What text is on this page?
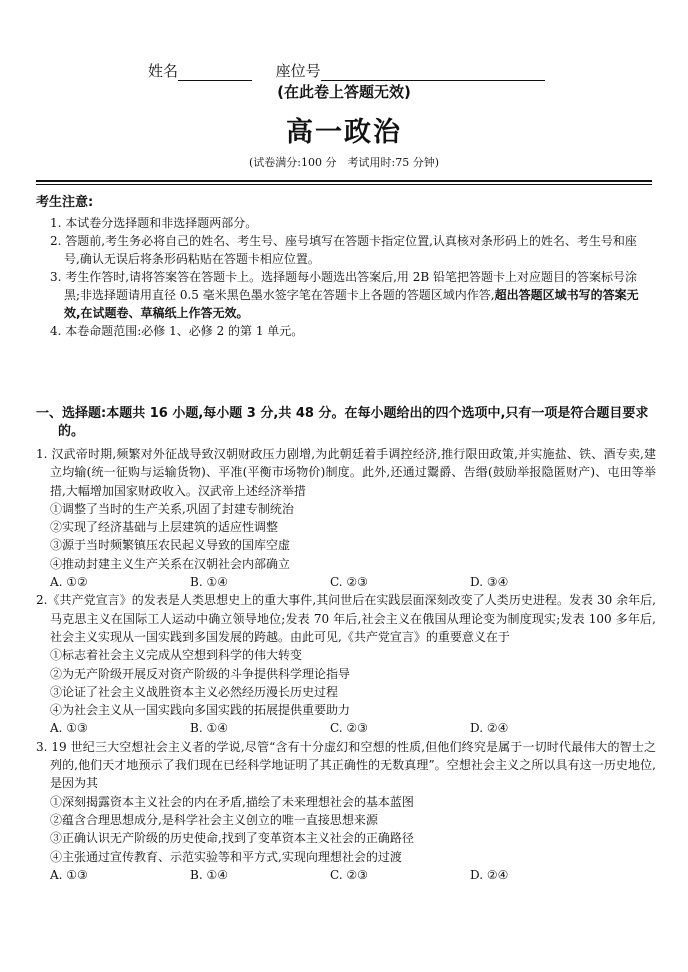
姓名	座位号
(在此卷上答题无效)
高一政治
(试卷满分:100 分　考试用时:75 分钟)
考生注意:

1. 本试卷分选择题和非选择题两部分。

2. 答题前,考生务必将自己的姓名、考生号、座号填写在答题卡指定位置,认真核对条形码上的姓名、考生号和座号,确认无误后将条形码粘贴在答题卡相应位置。

3. 考生作答时,请将答案答在答题卡上。选择题每小题选出答案后,用 2B 铅笔把答题卡上对应题目的答案标号涂黑;非选择题请用直径 0.5 毫米黑色墨水签字笔在答题卡上各题的答题区域内作答,超出答题区域书写的答案无效,在试题卷、草稿纸上作答无效。

4. 本卷命题范围:必修 1、必修 2 的第 1 单元。

一、选择题:本题共 16 小题,每小题 3 分,共 48 分。在每小题给出的四个选项中,只有一项是符合题目要求的。
1. 汉武帝时期,频繁对外征战导致汉朝财政压力剧增,为此朝廷着手调控经济,推行限田政策,并实施盐、铁、酒专卖,建立均输(统一征购与运输货物)、平准(平衡市场物价)制度。此外,还通过鬻爵、告缗(鼓励举报隐匿财产)、屯田等举措,大幅增加国家财政收入。汉武帝上述经济举措
①调整了当时的生产关系,巩固了封建专制统治
②实现了经济基础与上层建筑的适应性调整
③源于当时频繁镇压农民起义导致的国库空虚
④推动封建主义生产关系在汉朝社会内部确立
A. ①②	B. ①④	C. ②③	D. ③④
2.《共产党宣言》的发表是人类思想史上的重大事件,其问世后在实践层面深刻改变了人类历史进程。发表 30 余年后,马克思主义在国际工人运动中确立领导地位;发表 70 年后,社会主义在俄国从理论变为制度现实;发表 100 多年后,社会主义实现从一国实践到多国发展的跨越。由此可见,《共产党宣言》的重要意义在于
①标志着社会主义完成从空想到科学的伟大转变
②为无产阶级开展反对资产阶级的斗争提供科学理论指导
③论证了社会主义战胜资本主义必然经历漫长历史过程
④为社会主义从一国实践向多国实践的拓展提供重要助力
A. ①③	B. ①④	C. ②③	D. ②④
3. 19 世纪三大空想社会主义者的学说,尽管“含有十分虚幻和空想的性质,但他们终究是属于一切时代最伟大的智士之列的,他们天才地预示了我们现在已经科学地证明了其正确性的无数真理”。空想社会主义之所以具有这一历史地位,是因为其
①深刻揭露资本主义社会的内在矛盾,描绘了未来理想社会的基本蓝图
②蕴含合理思想成分,是科学社会主义创立的唯一直接思想来源
③正确认识无产阶级的历史使命,找到了变革资本主义社会的正确路径
④主张通过宣传教育、示范实验等和平方式,实现向理想社会的过渡
A. ①③	B. ①④	C. ②③	D. ②④
